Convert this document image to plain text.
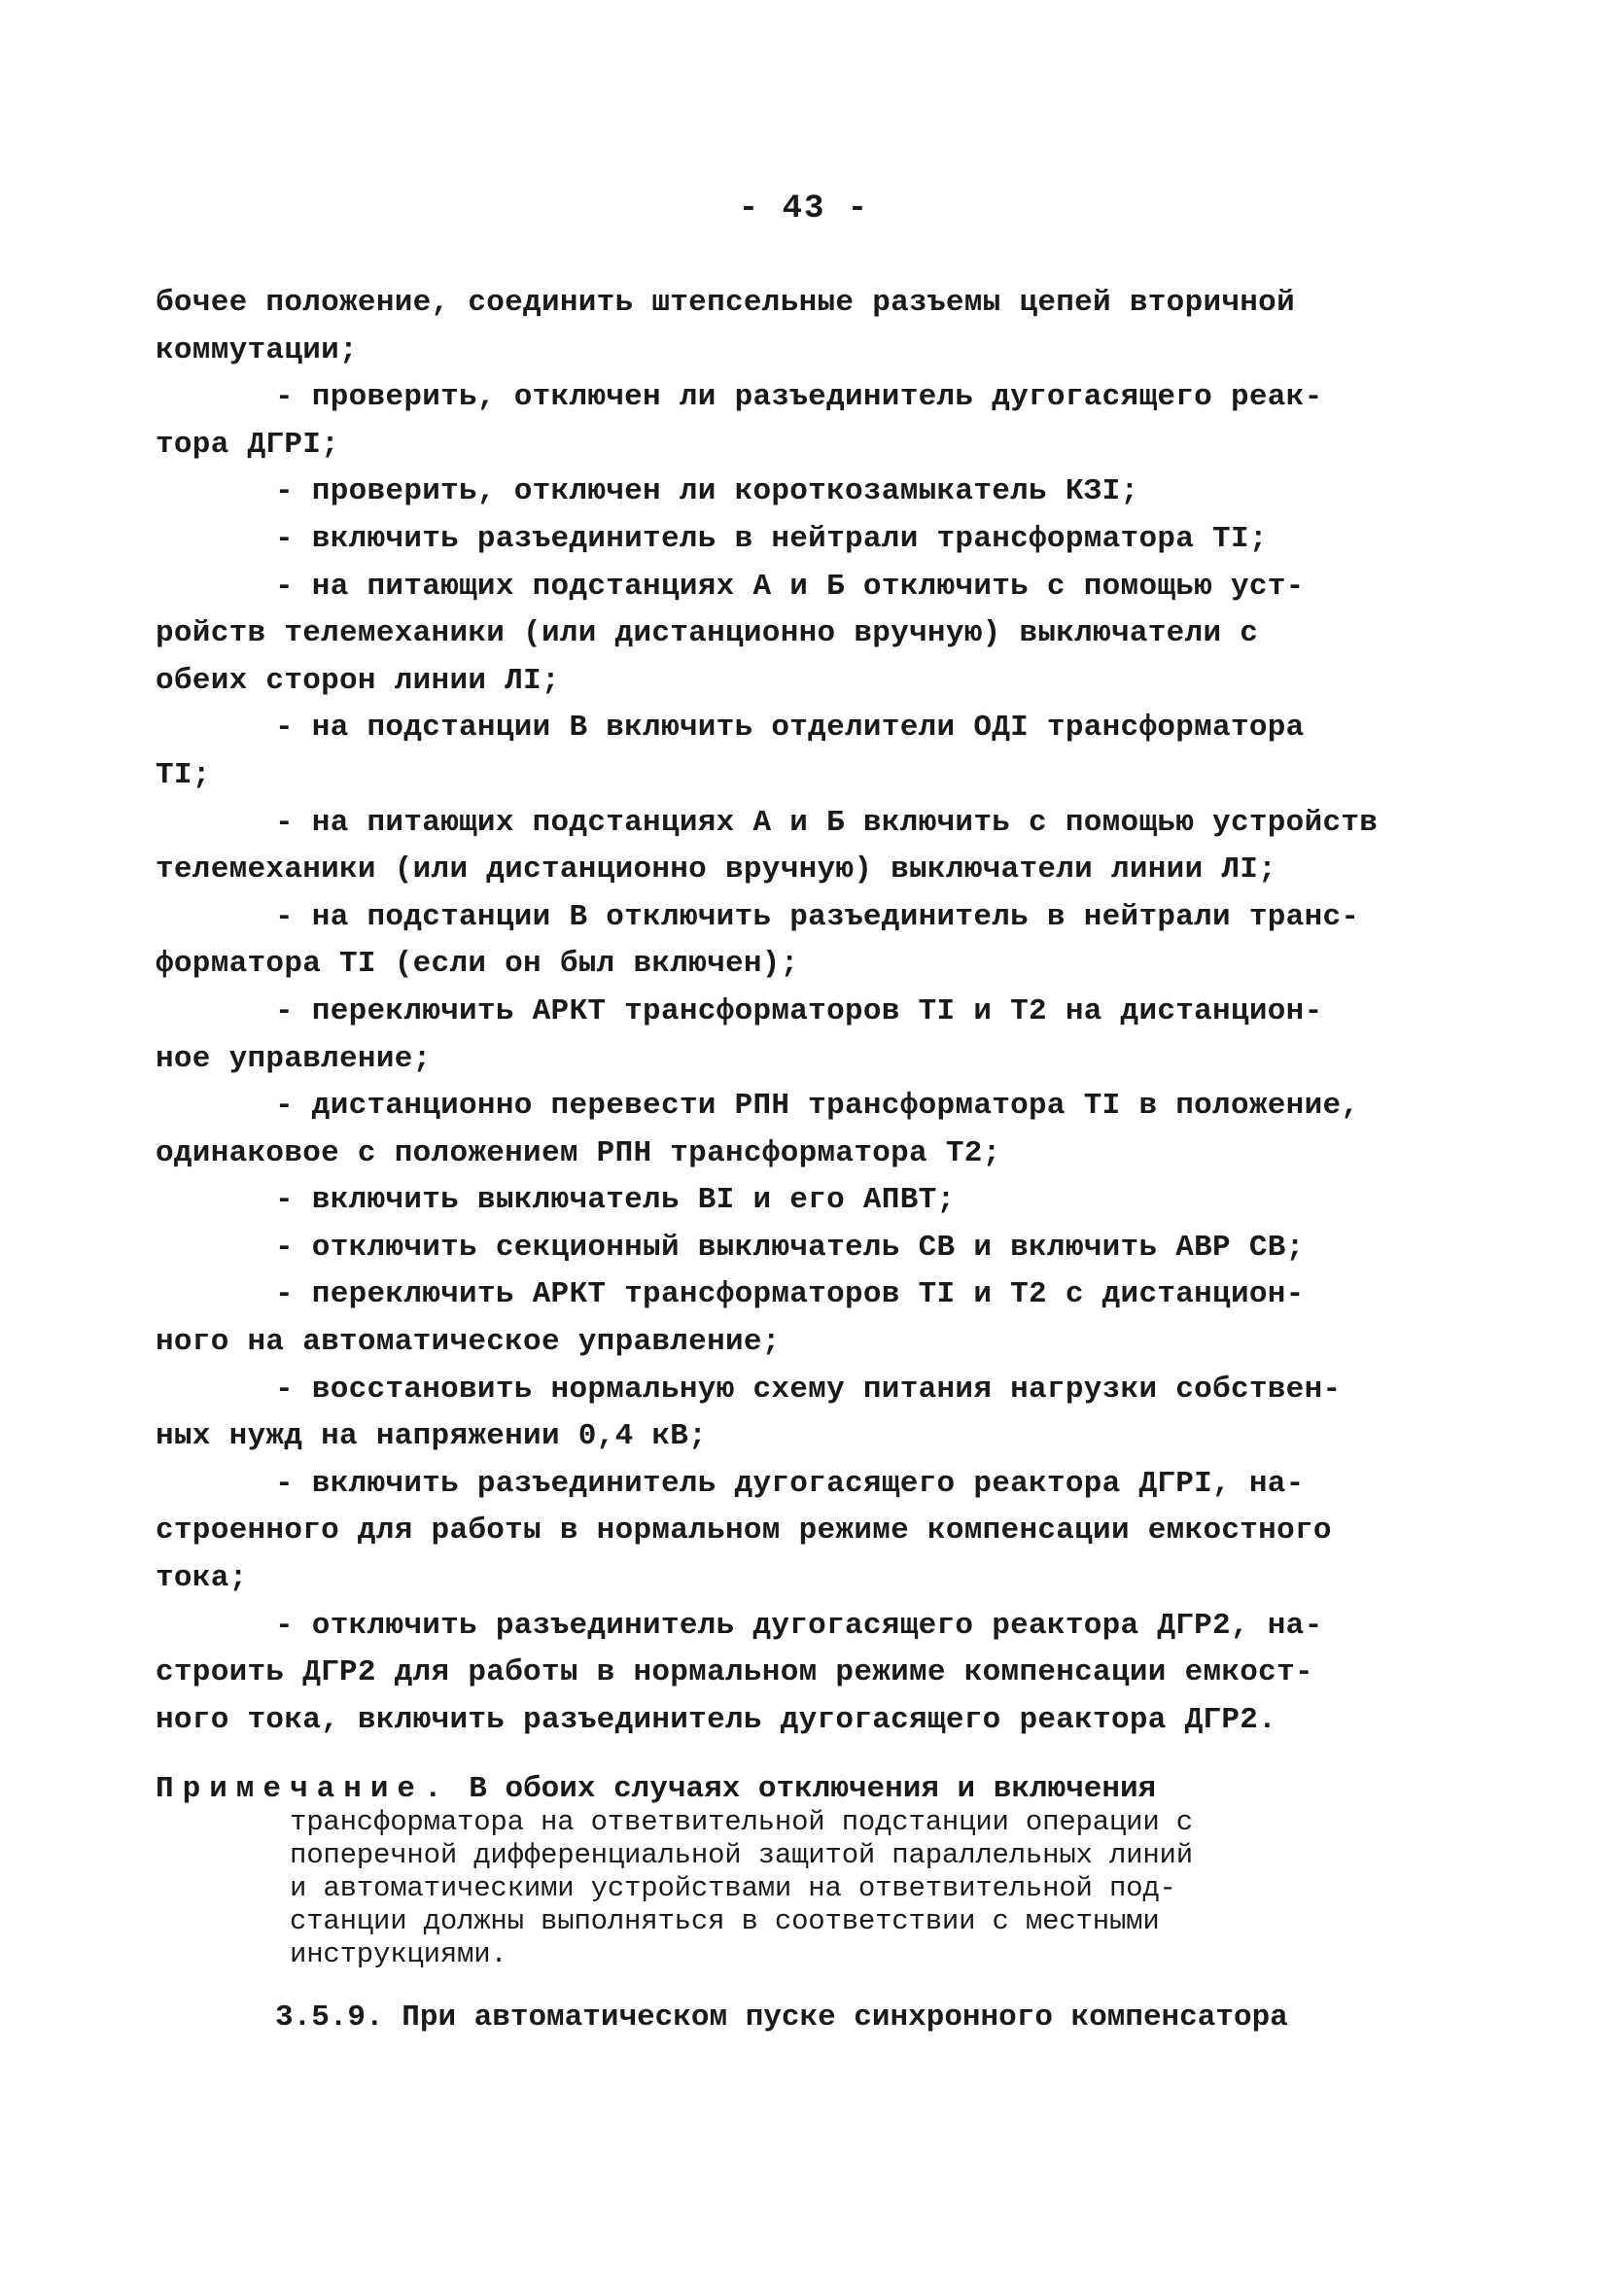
- 43 -
бочее положение, соединить штепсельные разъемы цепей вторичной
коммутации;
- проверить, отключен ли разъединитель дугогасящего реак-
тора ДГРI;
- проверить, отключен ли короткозамыкатель КЗI;
- включить разъединитель в нейтрали трансформатора TI;
- на питающих подстанциях А и Б отключить с помощью уст-
ройств телемеханики (или дистанционно вручную) выключатели с
обеих сторон линии ЛI;
- на подстанции В включить отделители ОДI трансформатора
TI;
- на питающих подстанциях А и Б включить с помощью устройств
телемеханики (или дистанционно вручную) выключатели линии ЛI;
- на подстанции В отключить разъединитель в нейтрали транс-
форматора TI (если он был включен);
- переключить АРКТ трансформаторов TI и T2 на дистанцион-
ное управление;
- дистанционно перевести РПН трансформатора TI в положение,
одинаковое с положением РПН трансформатора Т2;
- включить выключатель BI и его АПВТ;
- отключить секционный выключатель СВ и включить АВР СВ;
- переключить АРКТ трансформаторов TI и T2 с дистанцион-
ного на автоматическое управление;
- восстановить нормальную схему питания нагрузки собствен-
ных нужд на напряжении 0,4 кВ;
- включить разъединитель дугогасящего реактора ДГРI, на-
строенного для работы в нормальном режиме компенсации емкостного
тока;
- отключить разъединитель дугогасящего реактора ДГР2, на-
строить ДГР2 для работы в нормальном режиме компенсации емкост-
ного тока, включить разъединитель дугогасящего реактора ДГР2.
Примечание. В обоих случаях отключения и включения
трансформатора на ответвительной подстанции операции с
поперечной дифференциальной защитой параллельных линий
и автоматическими устройствами на ответвительной под-
станции должны выполняться в соответствии с местными
инструкциями.
3.5.9. При автоматическом пуске синхронного компенсатора
